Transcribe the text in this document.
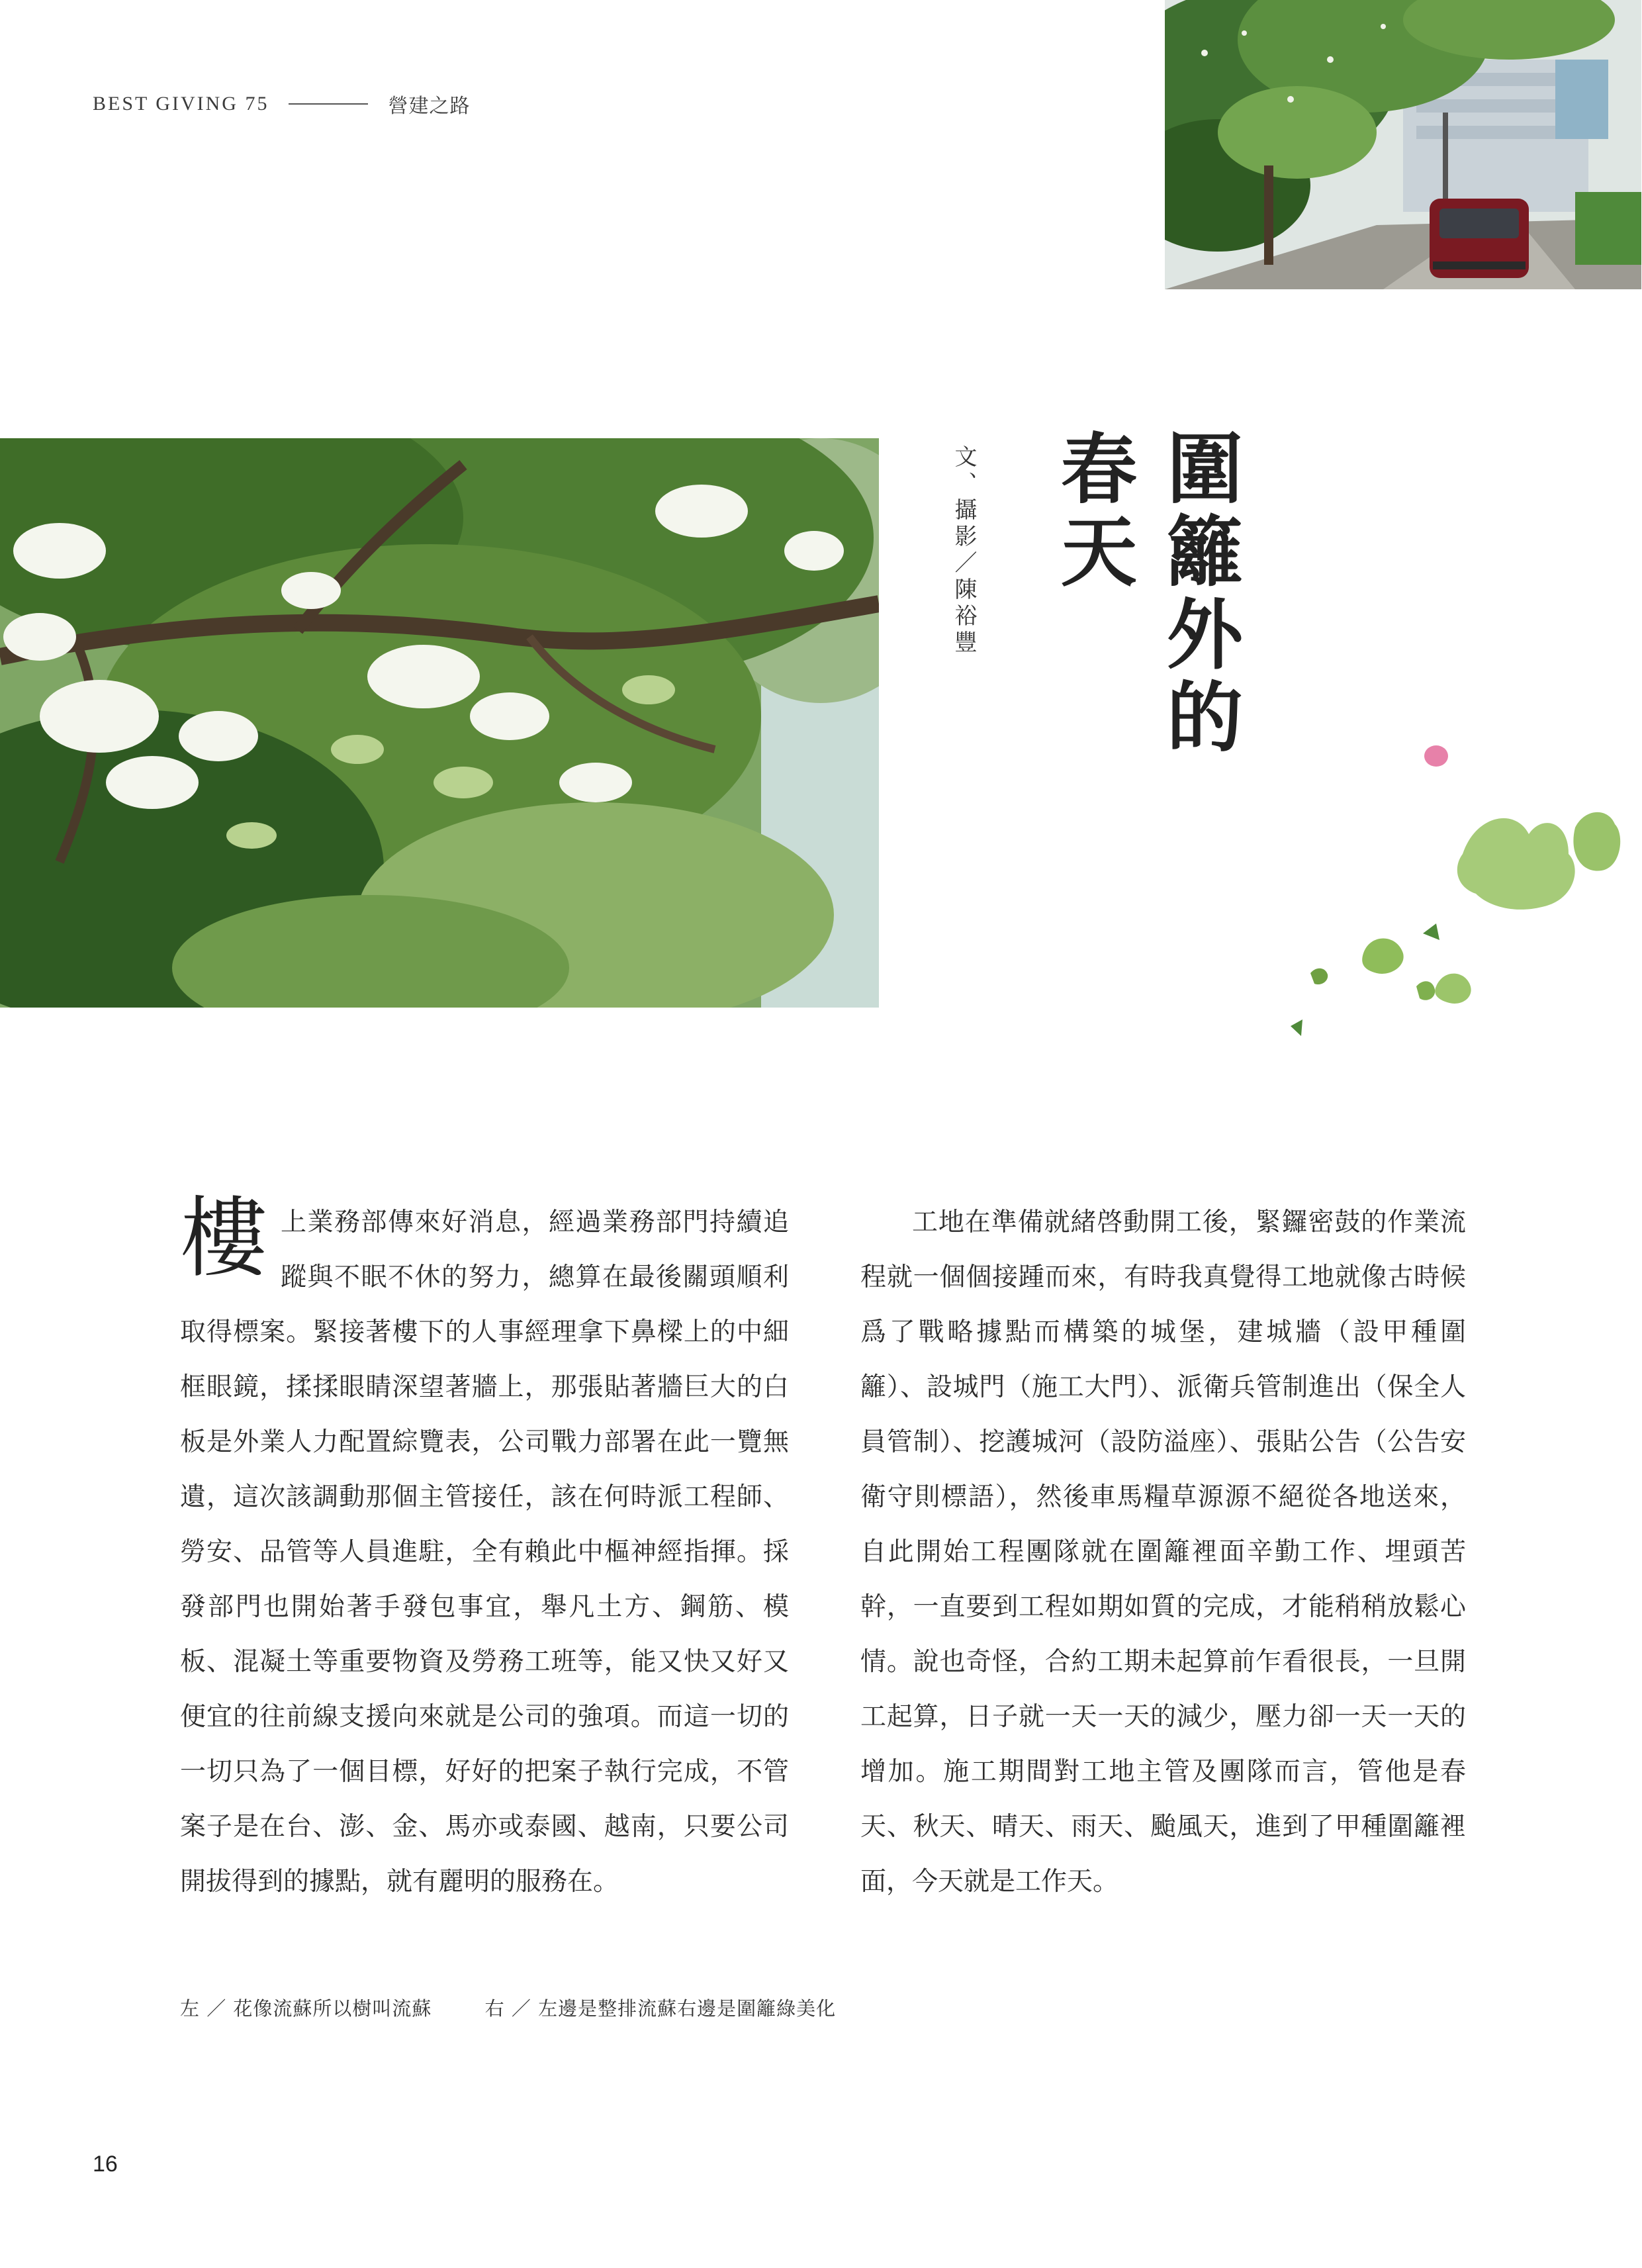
BEST GIVING 75	營建之路
圍籬外的
春天
文、攝影／陳裕豐
樓上業務部傳來好消息，經過業務部門持續追蹤與不眠不休的努力，總算在最後關頭順利取得標案。緊接著樓下的人事經理拿下鼻樑上的中細框眼鏡，揉揉眼睛深望著牆上，那張貼著牆巨大的白板是外業人力配置綜覽表，公司戰力部署在此一覽無遺，這次該調動那個主管接任，該在何時派工程師、勞安、品管等人員進駐，全有賴此中樞神經指揮。採發部門也開始著手發包事宜，舉凡土方、鋼筋、模板、混凝土等重要物資及勞務工班等，能又快又好又便宜的往前線支援向來就是公司的強項。而這一切的一切只為了一個目標，好好的把案子執行完成，不管案子是在台、澎、金、馬亦或泰國、越南，只要公司開拔得到的據點，就有麗明的服務在。

工地在準備就緒啓動開工後，緊鑼密鼓的作業流程就一個個接踵而來，有時我真覺得工地就像古時候爲了戰略據點而構築的城堡，建城牆（設甲種圍籬）、設城門（施工大門）、派衛兵管制進出（保全人員管制）、挖護城河（設防溢座）、張貼公告（公告安衛守則標語），然後車馬糧草源源不絕從各地送來，自此開始工程團隊就在圍籬裡面辛勤工作、埋頭苦幹，一直要到工程如期如質的完成，才能稍稍放鬆心情。說也奇怪，合約工期未起算前乍看很長，一旦開工起算，日子就一天一天的減少，壓力卻一天一天的增加。施工期間對工地主管及團隊而言，管他是春天、秋天、晴天、雨天、颱風天，進到了甲種圍籬裡面，今天就是工作天。

左 ／ 花像流蘇所以樹叫流蘇	右 ／ 左邊是整排流蘇右邊是圍籬綠美化
16
